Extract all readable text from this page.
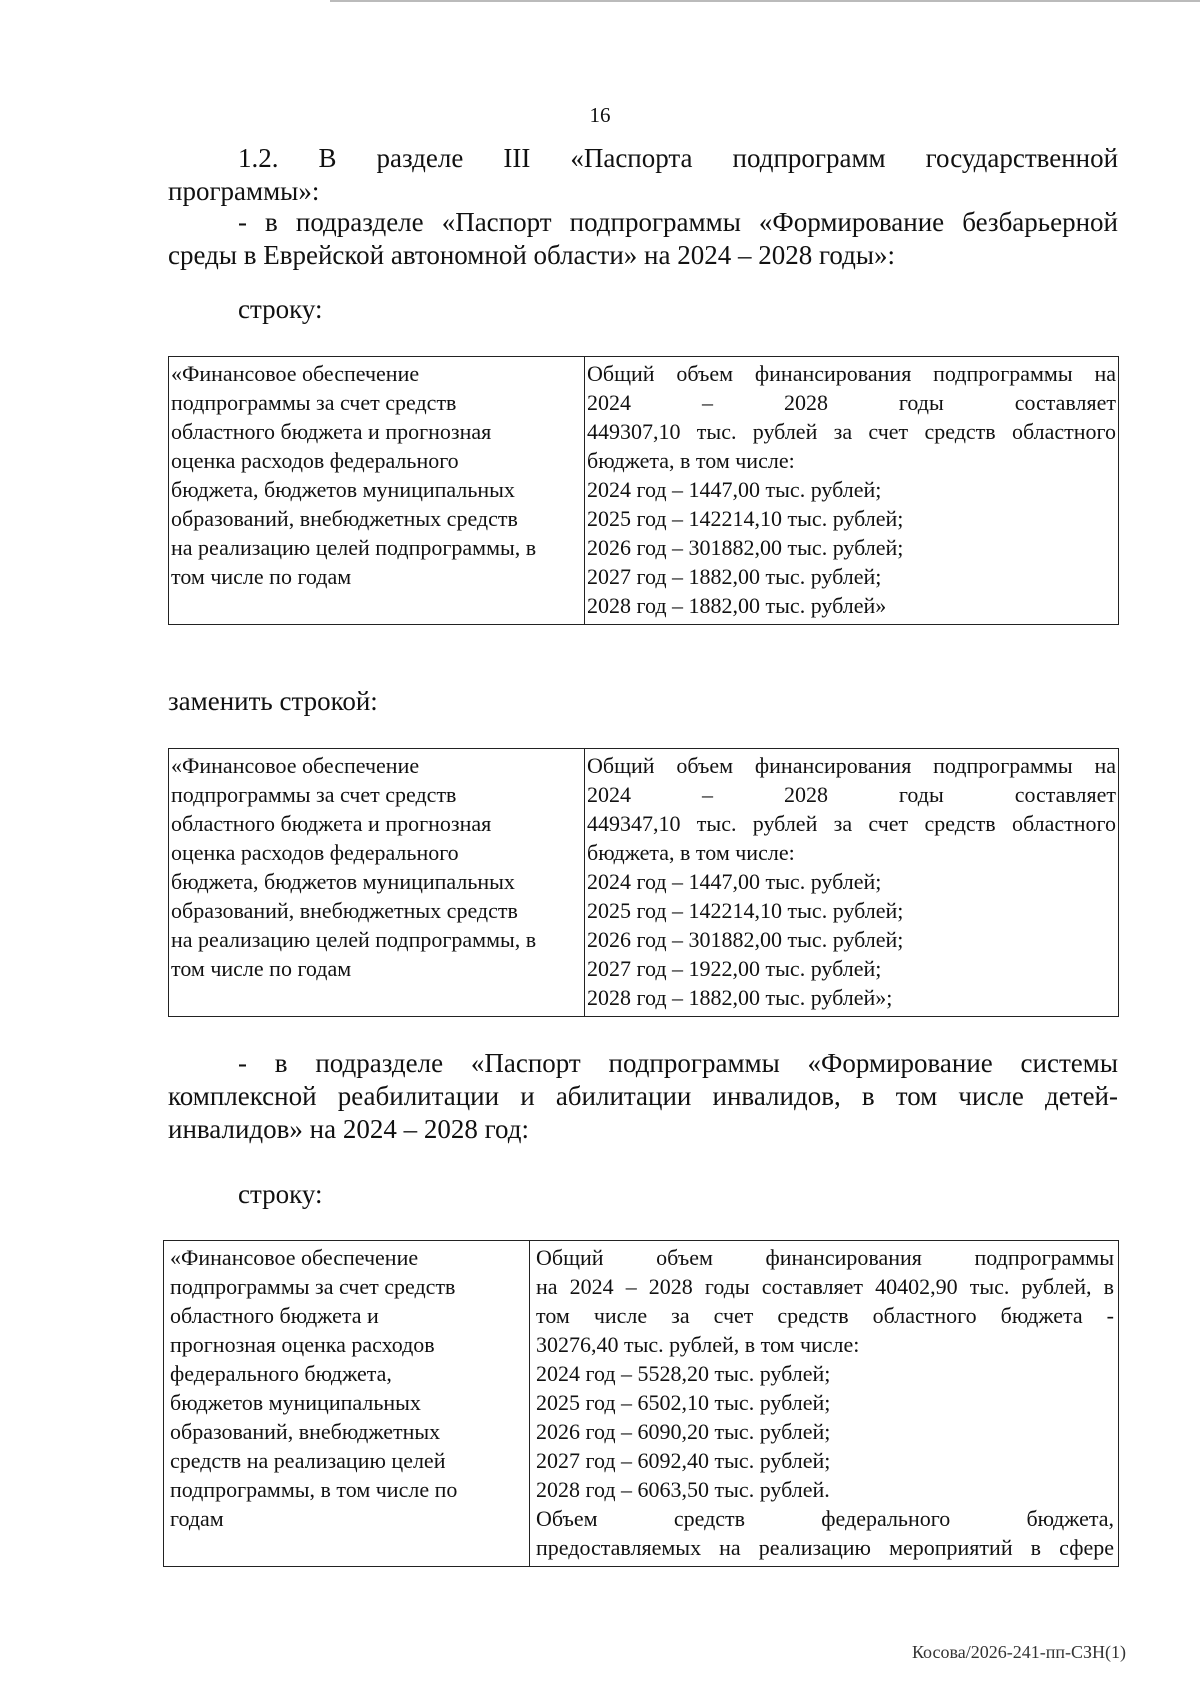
16
1.2. В разделе III «Паспорта подпрограмм государственной
программы»:
- в подразделе «Паспорт подпрограммы «Формирование безбарьерной
среды в Еврейской автономной области» на 2024 – 2028 годы»:
строку:
«Финансовое обеспечение
подпрограммы за счет средств
областного бюджета и прогнозная
оценка расходов федерального
бюджета, бюджетов муниципальных
образований, внебюджетных средств
на реализацию целей подпрограммы, в
том числе по годам

Общий объем финансирования подпрограммы на
2024 – 2028 годы составляет
449307,10 тыс. рублей за счет средств областного
бюджета, в том числе:
2024 год – 1447,00 тыс. рублей;
2025 год – 142214,10 тыс. рублей;
2026 год – 301882,00 тыс. рублей;
2027 год – 1882,00 тыс. рублей;
2028 год – 1882,00 тыс. рублей»
заменить строкой:
«Финансовое обеспечение
подпрограммы за счет средств
областного бюджета и прогнозная
оценка расходов федерального
бюджета, бюджетов муниципальных
образований, внебюджетных средств
на реализацию целей подпрограммы, в
том числе по годам

Общий объем финансирования подпрограммы на
2024 – 2028 годы составляет
449347,10 тыс. рублей за счет средств областного
бюджета, в том числе:
2024 год – 1447,00 тыс. рублей;
2025 год – 142214,10 тыс. рублей;
2026 год – 301882,00 тыс. рублей;
2027 год – 1922,00 тыс. рублей;
2028 год – 1882,00 тыс. рублей»;
- в подразделе «Паспорт подпрограммы «Формирование системы
комплексной реабилитации и абилитации инвалидов, в том числе детей-
инвалидов» на 2024 – 2028 год:
строку:
«Финансовое обеспечение
подпрограммы за счет средств
областного бюджета и
прогнозная оценка расходов
федерального бюджета,
бюджетов муниципальных
образований, внебюджетных
средств на реализацию целей
подпрограммы, в том числе по
годам

Общий объем финансирования подпрограммы
на 2024 – 2028 годы составляет 40402,90 тыс. рублей, в
том числе за счет средств областного бюджета -
30276,40 тыс. рублей, в том числе:
2024 год – 5528,20 тыс. рублей;
2025 год – 6502,10 тыс. рублей;
2026 год – 6090,20 тыс. рублей;
2027 год – 6092,40 тыс. рублей;
2028 год – 6063,50 тыс. рублей.
Объем средств федерального бюджета,
предоставляемых на реализацию мероприятий в сфере
Косова/2026-241-пп-СЗН(1)
